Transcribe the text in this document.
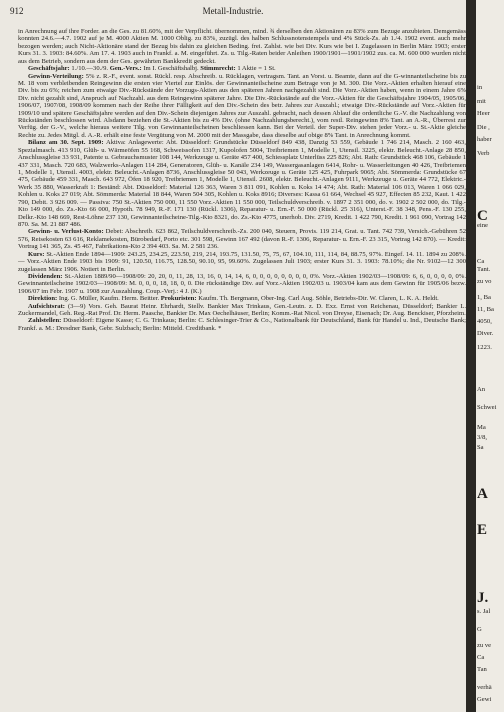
912	Metall-Industrie.

in Anrechnung auf ihre Forder. an die Ges. zu 81.60%, mit der Verpflicht. übernommen, mind. ¾ derselben den Aktionären zu 83% zum Bezuge anzubieten. Demgemäss konnten 24.6.—4.7. 1902 auf je M. 4000 Aktien M. 1000 Oblig. zu 83%, zuzügl. des halben Schlussnotenstempels und 4% Stück-Zs. ab 1./4. 1902 event. auch mehr bezogen werden; auch Nicht-Aktionäre stand der Bezug bis dahin zu gleichen Beding. frei. Zahlst. wie bei Div. Kurs wie bei I. Zugelassen in Berlin März 1903; erster Kurs 31. 3. 1903: 84.60%. Am 17. 4. 1903 auch in Frankf. a. M. eingeführt. Zs. u. Tilg.-Raten beider Anleihen 1900/1901—1901/1902 zus. ca. M. 600 000 wurden nicht aus dem Betrieb, sondern aus dem der Ges. gewährten Bankkredit gedeckt.

Geschäftsjahr: 1./10.—30./9. Gen.-Vers.: Im I. Geschäftshalbj. Stimmrecht: 1 Aktie = 1 St.

Gewinn-Verteilung: 5% z. R.-F., event. sonst. Rückl. resp. Abschreib. u. Rücklagen, vertragsm. Tant. an Vorst. u. Beamte, dann auf die G-winnanteilscheine bis zu M. 18 vom verbleibenden Reingewinn die ersten vier Viertel zur Einlös. der Gewinnanteilscheine zum Betrage von je M. 300. Die Vorz.-Aktien erhalten hierauf eine Div. bis zu 6%; reichen zum etwaige Div.-Rückstände der Vorzugs-Aktien aus den späteren Jahren nachgezahlt sind. Die Vorz.-Aktien haben, wenn in einem Jahre 6% Div. nicht gezahlt sind, Anspruch auf Nachzahl. aus dem Reingewinn späterer Jahre. Die Div.-Rückstände auf die Vorz.-Aktien für die Geschäftsjahre 1904/05, 1905/06, 1906/07, 1907/08, 1908/09 kommen nach der Reihe ihrer Fälligkeit auf den Div.-Schein des betr. Jahres zur Auszahl.; etwaige Div.-Rückstände auf Vorz.-Aktien für 1909/10 und spätere Geschäftsjahre werden auf den Div.-Schein diejenigen Jahres zur Auszahl. gebracht, nach dessen Ablauf die ordentliche G.-V. die Nachzahlung von Rückständen beschlossen wird. Alsdann beziehen die St.-Aktien bis zu 4% Div. (ohne Nachzahlungsberecht.), vom restl. Reingewinn 8% Tant. an A.-R., Überrest zur Verfüg. der G.-V., welche hieraus weitere Tilg. von Gewinnanteilscheinen beschliessen kann. Bei der Verteil. der Super-Div. stehen jeder Vorz.- u. St.-Aktie gleiche Rechte zu. Jedes Mitgl. d. A.-R. erhält eine feste Vergütung von M. 2000 mit der Massgabe, dass dieselbe auf obige 8% Tant. in Anrechnung kommt.

Bilanz am 30. Sept. 1909: Aktiva: Anlagewerte: Abt. Düsseldorf: Grundstücke Düsseldorf 849 438, Danzig 53 559, Gebäude 1 746 214, Masch. 2 160 463, Spezialmasch. 413 910, Glüh- u. Wärmeöfen 55 168, Schweissofen 1317, Kupolofen 5004, Treibriemen 1, Modelle 1, Utensil. 3225, elektr. Beleucht.-Anlage 28 850, Anschlussgleise 33 931, Patente u. Gebrauchsmuster 108 144, Werkzeuge u. Geräte 457 400, Schiessplatz Unterlüss 225 826; Abt. Rath: Grundstück 468 106, Gebäude 1 437 331, Masch. 720 683, Walzwerks-Anlagen 114 284, Generatoren, Glüh- u. Kanäle 234 149, Wassergasanlagen 6414, Rohr- u. Wasserleitungen 40 426, Treibriemen 1, Modelle 1, Utensil. 4003, elektr. Beleucht.-Anlagen 8736, Anschlussgleise 50 043, Werkzeuge u. Geräte 125 425, Fuhrpark 9065; Abt. Sömmerda: Grundstücke 67 475, Gebäude 459 331, Masch. 643 972, Öfen 18 920, Treibriemen 1, Modelle 1, Utensil. 2608, elektr. Beleucht.-Anlagen 9111, Werkzeuge u. Geräte 44 772, Elektric.-Werk 35 880, Wasserkraft 1: Beständ: Abt. Düsseldorf: Material 126 363, Waren 3 811 091, Kohlen u. Koks 14 474; Abt. Rath: Material 106 013, Waren 1 066 029, Kohlen u. Koks 27 019; Abt. Sömmerda: Material 18 844, Waren 504 305, Kohlen u. Koks 8916; Diverses: Kassa 61 664, Wechsel 45 927, Effecten 85 232, Kaut. 1 422 790, Debit. 3 926 009. — Passiva: 750 St.-Aktien 750 000, 11 550 Vorz.-Aktien 11 550 000, Teilschuldverschreib. v. 1897 2 351 000, do. v. 1902 2 502 000, do. Tilg.-Kto 149 000, do. Zs.-Kto 66 000, Hypoth. 78 949, R.-F. 171 130 (Rückl. 1306), Reparatur- u. Ern.-F. 50 000 (Rückl. 25 316), Unterst.-F. 38 348, Pens.-F. 130 255, Delkr.-Kto 148 669, Rest-Löhne 237 130, Gewinnanteilscheine-Tilg.-Kto 8321, do. Zs.-Kto 4775, unerhob. Div. 2719, Kredit. 1 422 790, Kredit. 1 961 090, Vortrag 142 870. Sa. M. 21 887 486.

Gewinn- u. Verlust-Konto: Debet: Abschreib. 623 862, Teilschuldverschreib.-Zs. 200 040, Steuern, Provis. 119 214, Grat. u. Tant. 742 739, Versich.-Gebühren 52 576, Reisekosten 63 616, Reklamekosten, Bürobedarf, Porto etc. 301 598, Gewinn 167 492 (davon R.-F. 1306, Reparatur- u. Ern.-F. 23 315, Vortrag 142 870). — Kredit: Vortrag 141 365, Zs. 45 467, Fabrikations-Kto 2 394 403. Sa. M. 2 581 236.

Kurs: St.-Aktien Ende 1894—1909: 243.25, 234.25, 223.50, 219, 214, 193.75, 131.50, 75, 75, 67, 104.10, 111, 114, 84, 88.75, 97%. Eingef. 14. 11. 1894 zu 208%. — Vorz.-Aktien Ende 1903 bis 1909: 91, 120.50, 116.75, 128.50, 90.10, 95, 99.60%. Zugelassen Juli 1903; erster Kurs 31. 3. 1903: 78.10%; die Nr. 9102—12 300 zugelassen März 1906. Notiert in Berlin.

Dividenden: St.-Aktien 1889/90—1908/09: 20, 20, 0, 11, 28, 13, 16, 0, 14, 14, 6, 0, 0, 0, 0, 0, 0, 0, 0, 0%. Vorz.-Aktien 1902/03—1908/09: 6, 6, 0, 0, 0, 0, 0%. Gewinnanteilscheine 1902/03—1908/09: M. 0, 0, 0, 18, 18, 0, 0. Die rückständige Div. auf Vorz.-Aktien 1902/03 u. 1903/04 kam aus dem Gewinn für 1905/06 bezw. 1906/07 im Febr. 1907 u. 1908 zur Auszahlung. Coup.-Verj.: 4 J. (K.)

Direktion: Ing. G. Müller, Kaufm. Herm. Beitter. Prokuristen: Kaufm. Th. Bergmann, Ober-Ing. Carl Aug. Söhle, Betriebs-Dir. W. Claren, L. K. A. Heldt.

Aufsichtsrat: (3—9) Vors. Geh. Baurat Heinr. Ehrhardt, Stellv. Bankier Max Trinkaus, Gen.-Leutn. z. D. Exz. Ernst von Reichenau, Düsseldorf; Bankier L. Zuckermandel, Geh. Reg.-Rat Prof. Dr. Herm. Paasche, Bankier Dr. Max Oechelhäuser, Berlin; Komm.-Rat Nicol. von Dreyse, Eisenach; Dr. Aug. Benckiser, Pforzheim.

Zahlstellen: Düsseldorf: Eigene Kasse; C. G. Trinkaus; Berlin: C. Schlesinger-Trier & Co., Nationalbank für Deutschland, Bank für Handel u. Ind., Deutsche Bank; Frankf. a. M.: Dresdner Bank, Gebr. Sulzbach; Berlin: Mitteld. Creditbank. *

in
mit
Heer
Die ,
haber
Verb
C
eine
Ca
Tant.
zu vo
1, Ba
11, Ba
4050,
Diver.
1223.
An
Schwei
Ma
3/8,
Sa
A
E
J.
s. Jal
G
zu ve
Ca
Tan
verhä
Gewi
